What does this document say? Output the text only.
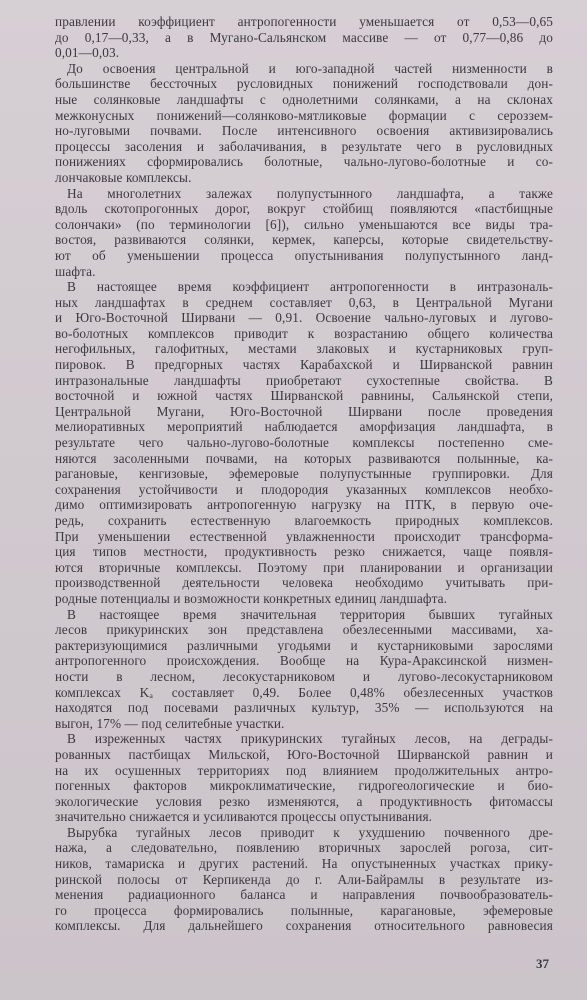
правлении коэффициент антропогенности уменьшается от 0,53—0,65
до 0,17—0,33, а в Мугано-Сальянском массиве — от 0,77—0,86 до
0,01—0,03.
До освоения центральной и юго-западной частей низменности в
большинстве бессточных русловидных понижений господствовали дон-
ные солянковые ландшафты с однолетними солянками, а на склонах
межконусных понижений—солянково-мятликовые формации с сероззем-
но-луговыми почвами. После интенсивного освоения активизировались
процессы засоления и заболачивания, в результате чего в русловидных
понижениях сформировались болотные, чально-лугово-болотные и со-
лончаковые комплексы.
На многолетних залежах полупустынного ландшафта, а также
вдоль скотопрогонных дорог, вокруг стойбищ появляются «пастбищные
солончаки» (по терминологии [6]), сильно уменьшаются все виды тра-
востоя, развиваются солянки, кермек, каперсы, которые свидетельству-
ют об уменьшении процесса опустынивания полупустынного ланд-
шафта.
В настоящее время коэффициент антропогенности в интразональ-
ных ландшафтах в среднем составляет 0,63, в Центральной Мугани
и Юго-Восточной Ширвани — 0,91. Освоение чально-луговых и лугово-
во-болотных комплексов приводит к возрастанию общего количества
негофильных, галофитных, местами злаковых и кустарниковых груп-
пировок. В предгорных частях Карабахской и Ширванской равнин
интразональные ландшафты приобретают сухостепные свойства. В
восточной и южной частях Ширванской равнины, Сальянской степи,
Центральной Мугани, Юго-Восточной Ширвани после проведения
мелиоративных мероприятий наблюдается аморфизация ландшафта, в
результате чего чально-лугово-болотные комплексы постепенно сме-
няются засоленными почвами, на которых развиваются полынные, ка-
рагановые, кенгизовые, эфемеровые полупустынные группировки. Для
сохранения устойчивости и плодородия указанных комплексов необхо-
димо оптимизировать антропогенную нагрузку на ПТК, в первую оче-
редь, сохранить естественную влагоемкость природных комплексов.
При уменьшении естественной увлажненности происходит трансформа-
ция типов местности, продуктивность резко снижается, чаще появля-
ются вторичные комплексы. Поэтому при планировании и организации
производственной деятельности человека необходимо учитывать при-
родные потенциалы и возможности конкретных единиц ландшафта.
В настоящее время значительная территория бывших тугайных
лесов прикуринских зон представлена обезлесенными массивами, ха-
рактеризующимися различными угодьями и кустарниковыми зарослями
антропогенного происхождения. Вообще на Кура-Араксинской низмен-
ности в лесном, лесокустарниковом и лугово-лесокустарниковом
комплексах Kₐ составляет 0,49. Более 0,48% обезлесенных участков
находятся под посевами различных культур, 35% — используются на
выгон, 17% — под селитебные участки.
В изреженных частях прикуринских тугайных лесов, на деграды-
рованных пастбищах Мильской, Юго-Восточной Ширванской равнин и
на их осушенных территориях под влиянием продолжительных антро-
погенных факторов микроклиматические, гидрогеологические и био-
экологические условия резко изменяются, а продуктивность фитомассы
значительно снижается и усиливаются процессы опустынивания.
Вырубка тугайных лесов приводит к ухудшению почвенного дре-
нажа, а следовательно, появлению вторичных зарослей рогоза, сит-
ников, тамариска и других растений. На опустыненных участках прику-
ринской полосы от Керпикенда до г. Али-Байрамлы в результате из-
менения радиационного баланса и направления почвообразователь-
го процесса формировались полынные, карагановые, эфемеровые
комплексы. Для дальнейшего сохранения относительного равновесия
37
